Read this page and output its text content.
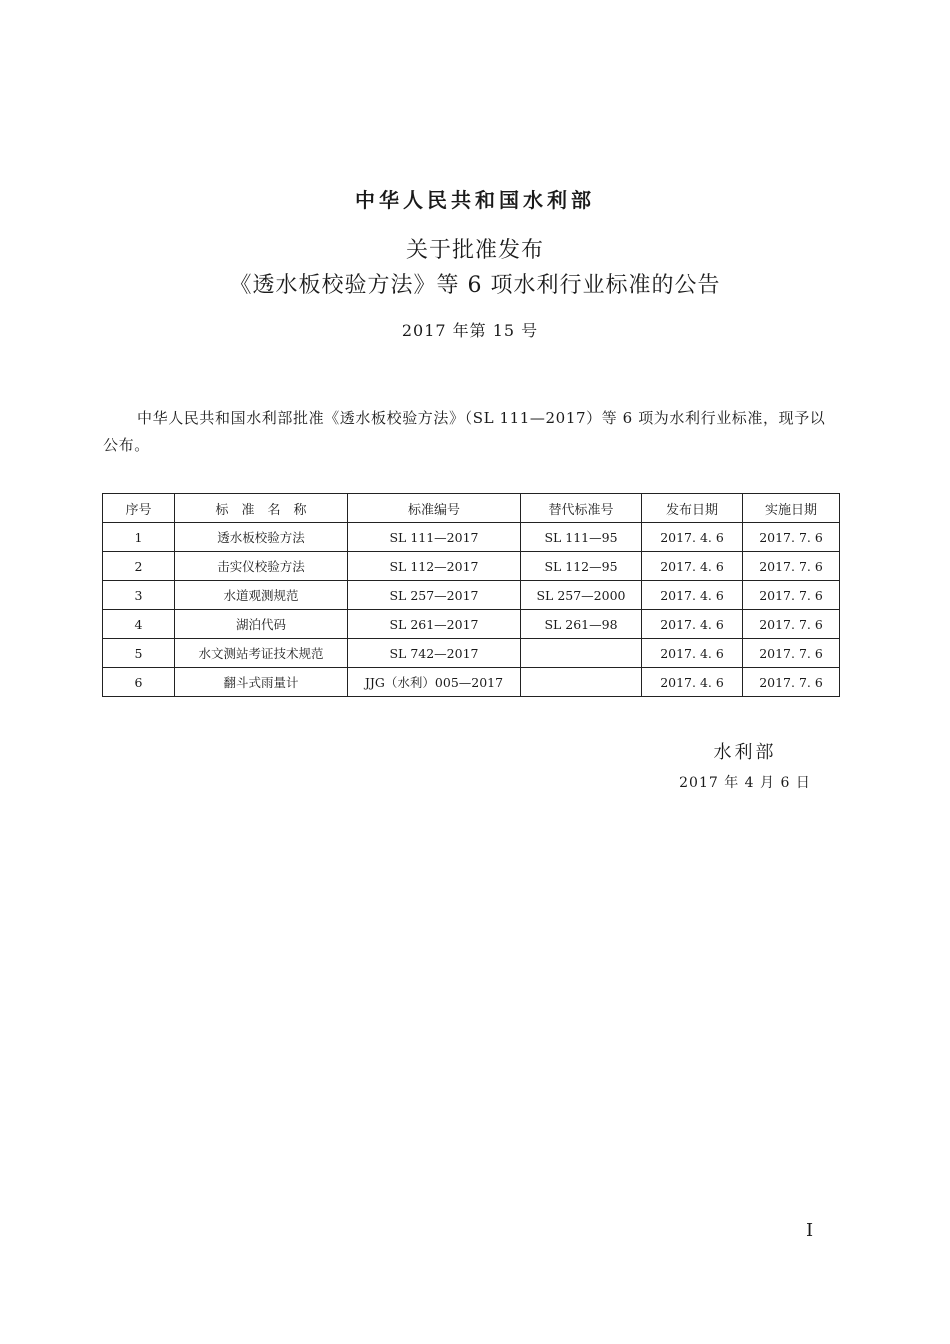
中华人民共和国水利部
关于批准发布
《透水板校验方法》等 6 项水利行业标准的公告
2017 年第 15 号

中华人民共和国水利部批准《透水板校验方法》（SL 111—2017）等 6 项为水利行业标准，现予以公布。

序号	标　准　名　称	标准编号	替代标准号	发布日期	实施日期
1	透水板校验方法	SL 111—2017	SL 111—95	2017. 4. 6	2017. 7. 6
2	击实仪校验方法	SL 112—2017	SL 112—95	2017. 4. 6	2017. 7. 6
3	水道观测规范	SL 257—2017	SL 257—2000	2017. 4. 6	2017. 7. 6
4	湖泊代码	SL 261—2017	SL 261—98	2017. 4. 6	2017. 7. 6
5	水文测站考证技术规范	SL 742—2017		2017. 4. 6	2017. 7. 6
6	翻斗式雨量计	JJG（水利）005—2017		2017. 4. 6	2017. 7. 6
水利部
2017 年 4 月 6 日
I
